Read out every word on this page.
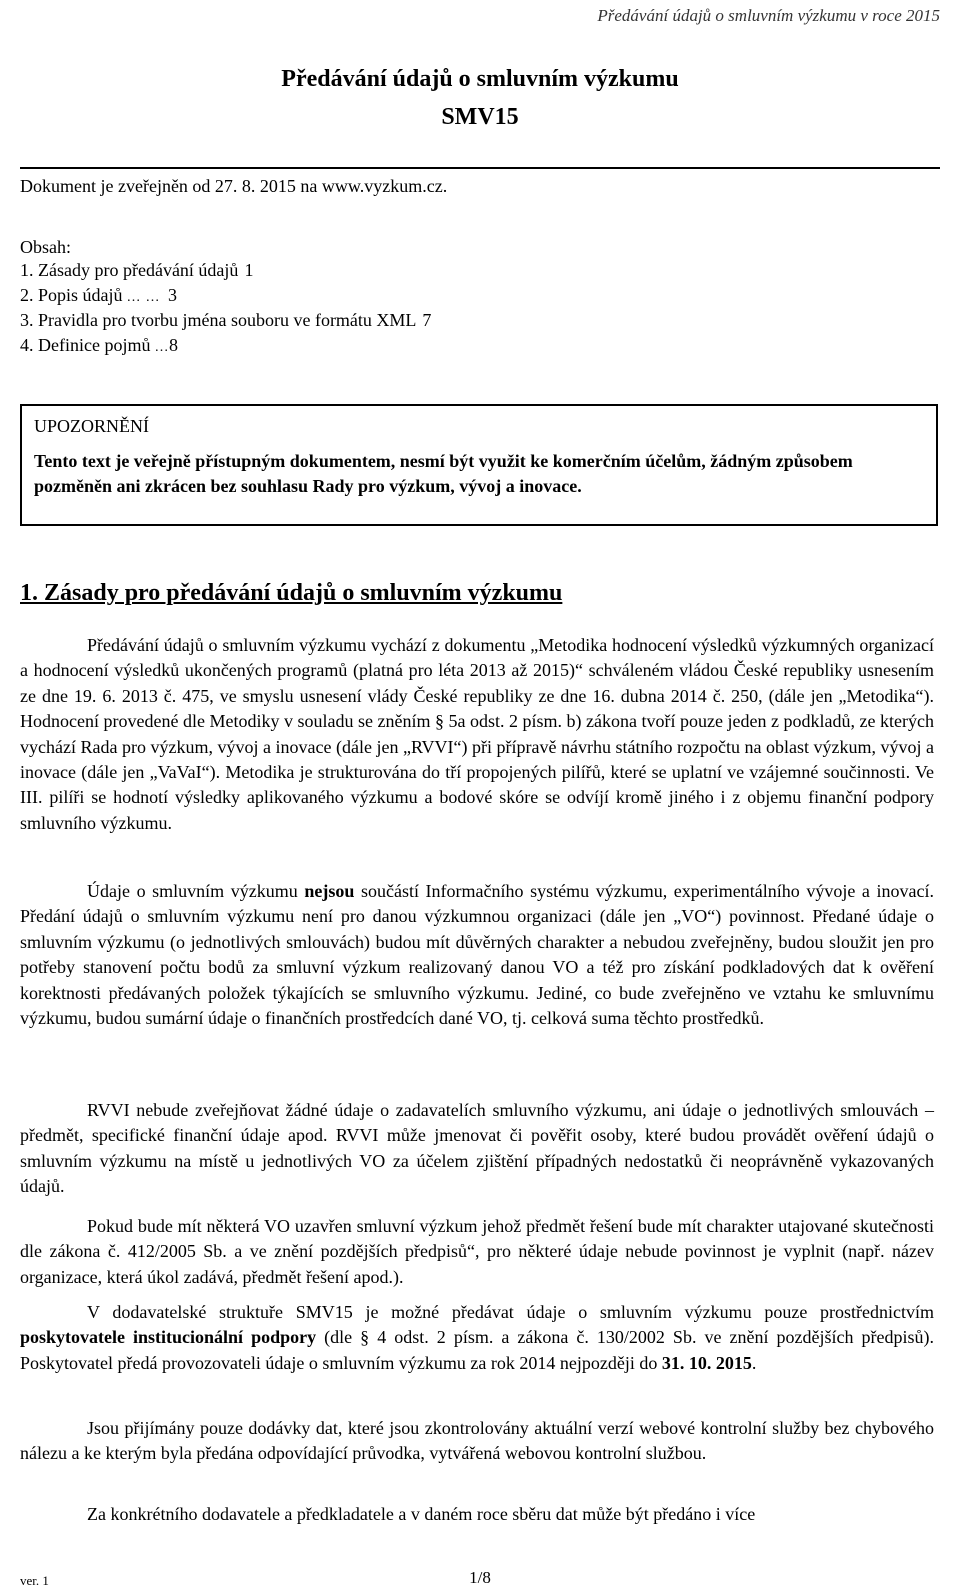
Předávání údajů o smluvním výzkumu v roce 2015
Předávání údajů o smluvním výzkumu
SMV15
Dokument je zveřejněn od 27. 8. 2015 na www.vyzkum.cz.
Obsah:
1. Zásady pro předávání údajů 1
2. Popis údajů ………………………………………………………………………………………………………………………………………………………………………………	3
3. Pravidla pro tvorbu jména souboru ve formátu XML 7
4. Definice pojmů ……………………………………………………………………………………………………………………………………………………………………………… 8
UPOZORNĚNÍ
Tento text je veřejně přístupným dokumentem, nesmí být využit ke komerčním účelům, žádným způsobem pozměněn ani zkrácen bez souhlasu Rady pro výzkum, vývoj a inovace.
1. Zásady pro předávání údajů o smluvním výzkumu

Předávání údajů o smluvním výzkumu vychází z dokumentu „Metodika hodnocení výsledků výzkumných organizací a hodnocení výsledků ukončených programů (platná pro léta 2013 až 2015)“ schváleném vládou České republiky usnesením ze dne 19. 6. 2013 č. 475, ve smyslu usnesení vlády České republiky ze dne 16. dubna 2014 č. 250, (dále jen „Metodika“). Hodnocení provedené dle Metodiky v souladu se zněním § 5a odst. 2 písm. b) zákona tvoří pouze jeden z podkladů, ze kterých vychází Rada pro výzkum, vývoj a inovace (dále jen „RVVI“) při přípravě návrhu státního rozpočtu na oblast výzkum, vývoj a inovace (dále jen „VaVaI“). Metodika je strukturována do tří propojených pilířů, které se uplatní ve vzájemné součinnosti. Ve III. pilíři se hodnotí výsledky aplikovaného výzkumu a bodové skóre se odvíjí kromě jiného i z objemu finanční podpory smluvního výzkumu.

Údaje o smluvním výzkumu nejsou součástí Informačního systému výzkumu, experimentálního vývoje a inovací. Předání údajů o smluvním výzkumu není pro danou výzkumnou organizaci (dále jen „VO“) povinnost. Předané údaje o smluvním výzkumu (o jednotlivých smlouvách) budou mít důvěrných charakter a nebudou zveřejněny, budou sloužit jen pro potřeby stanovení počtu bodů za smluvní výzkum realizovaný danou VO a též pro získání podkladových dat k ověření korektnosti předávaných položek týkajících se smluvního výzkumu. Jediné, co bude zveřejněno ve vztahu ke smluvnímu výzkumu, budou sumární údaje o finančních prostředcích dané VO, tj. celková suma těchto prostředků.

RVVI nebude zveřejňovat žádné údaje o zadavatelích smluvního výzkumu, ani údaje o jednotlivých smlouvách – předmět, specifické finanční údaje apod. RVVI může jmenovat či pověřit osoby, které budou provádět ověření údajů o smluvním výzkumu na místě u jednotlivých VO za účelem zjištění případných nedostatků či neoprávněně vykazovaných údajů.

Pokud bude mít některá VO uzavřen smluvní výzkum jehož předmět řešení bude mít charakter utajované skutečnosti dle zákona č. 412/2005 Sb. a ve znění pozdějších předpisů“, pro některé údaje nebude povinnost je vyplnit (např. název organizace, která úkol zadává, předmět řešení apod.).

V dodavatelské struktuře SMV15 je možné předávat údaje o smluvním výzkumu pouze prostřednictvím poskytovatele institucionální podpory (dle § 4 odst. 2 písm. a zákona č. 130/2002 Sb. ve znění pozdějších předpisů). Poskytovatel předá provozovateli údaje o smluvním výzkumu za rok 2014 nejpozději do 31. 10. 2015.

Jsou přijímány pouze dodávky dat, které jsou zkontrolovány aktuální verzí webové kontrolní služby bez chybového nálezu a ke kterým byla předána odpovídající průvodka, vytvářená webovou kontrolní službou.

Za konkrétního dodavatele a předkladatele a v daném roce sběru dat může být předáno i více

ver. 1	1/8
